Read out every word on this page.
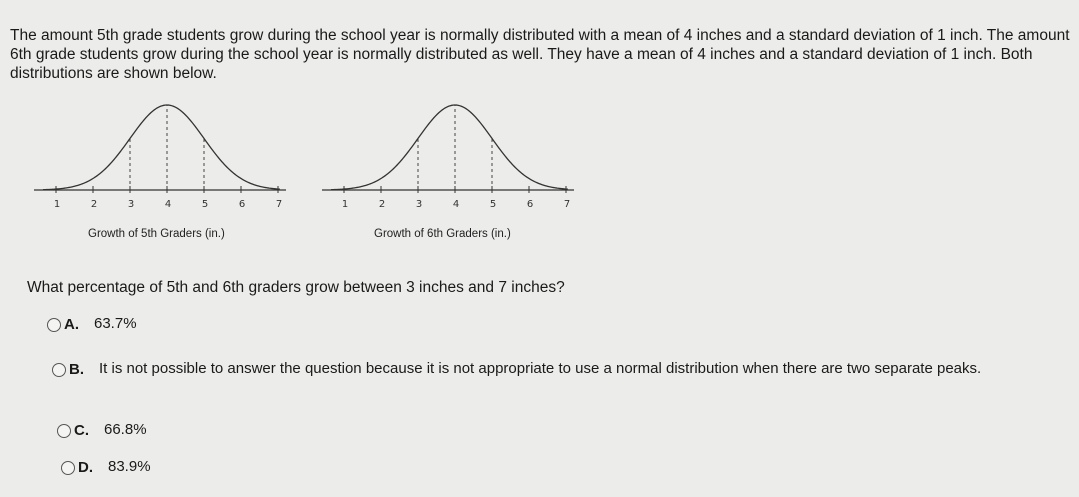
The amount 5th grade students grow during the school year is normally distributed with a mean of 4 inches and a standard deviation of 1 inch. The amount 6th grade students grow during the school year is normally distributed as well. They have a mean of 4 inches and a standard deviation of 1 inch. Both distributions are shown below.
1	2	3	4	5	6	7
Growth of 5th Graders (in.)
1	2	3	4	5	6	7
Growth of 6th Graders (in.)
What percentage of 5th and 6th graders grow between 3 inches and 7 inches?
A.	63.7%
B.	It is not possible to answer the question because it is not appropriate to use a normal distribution when there are two separate peaks.
C.	66.8%
D.	83.9%
